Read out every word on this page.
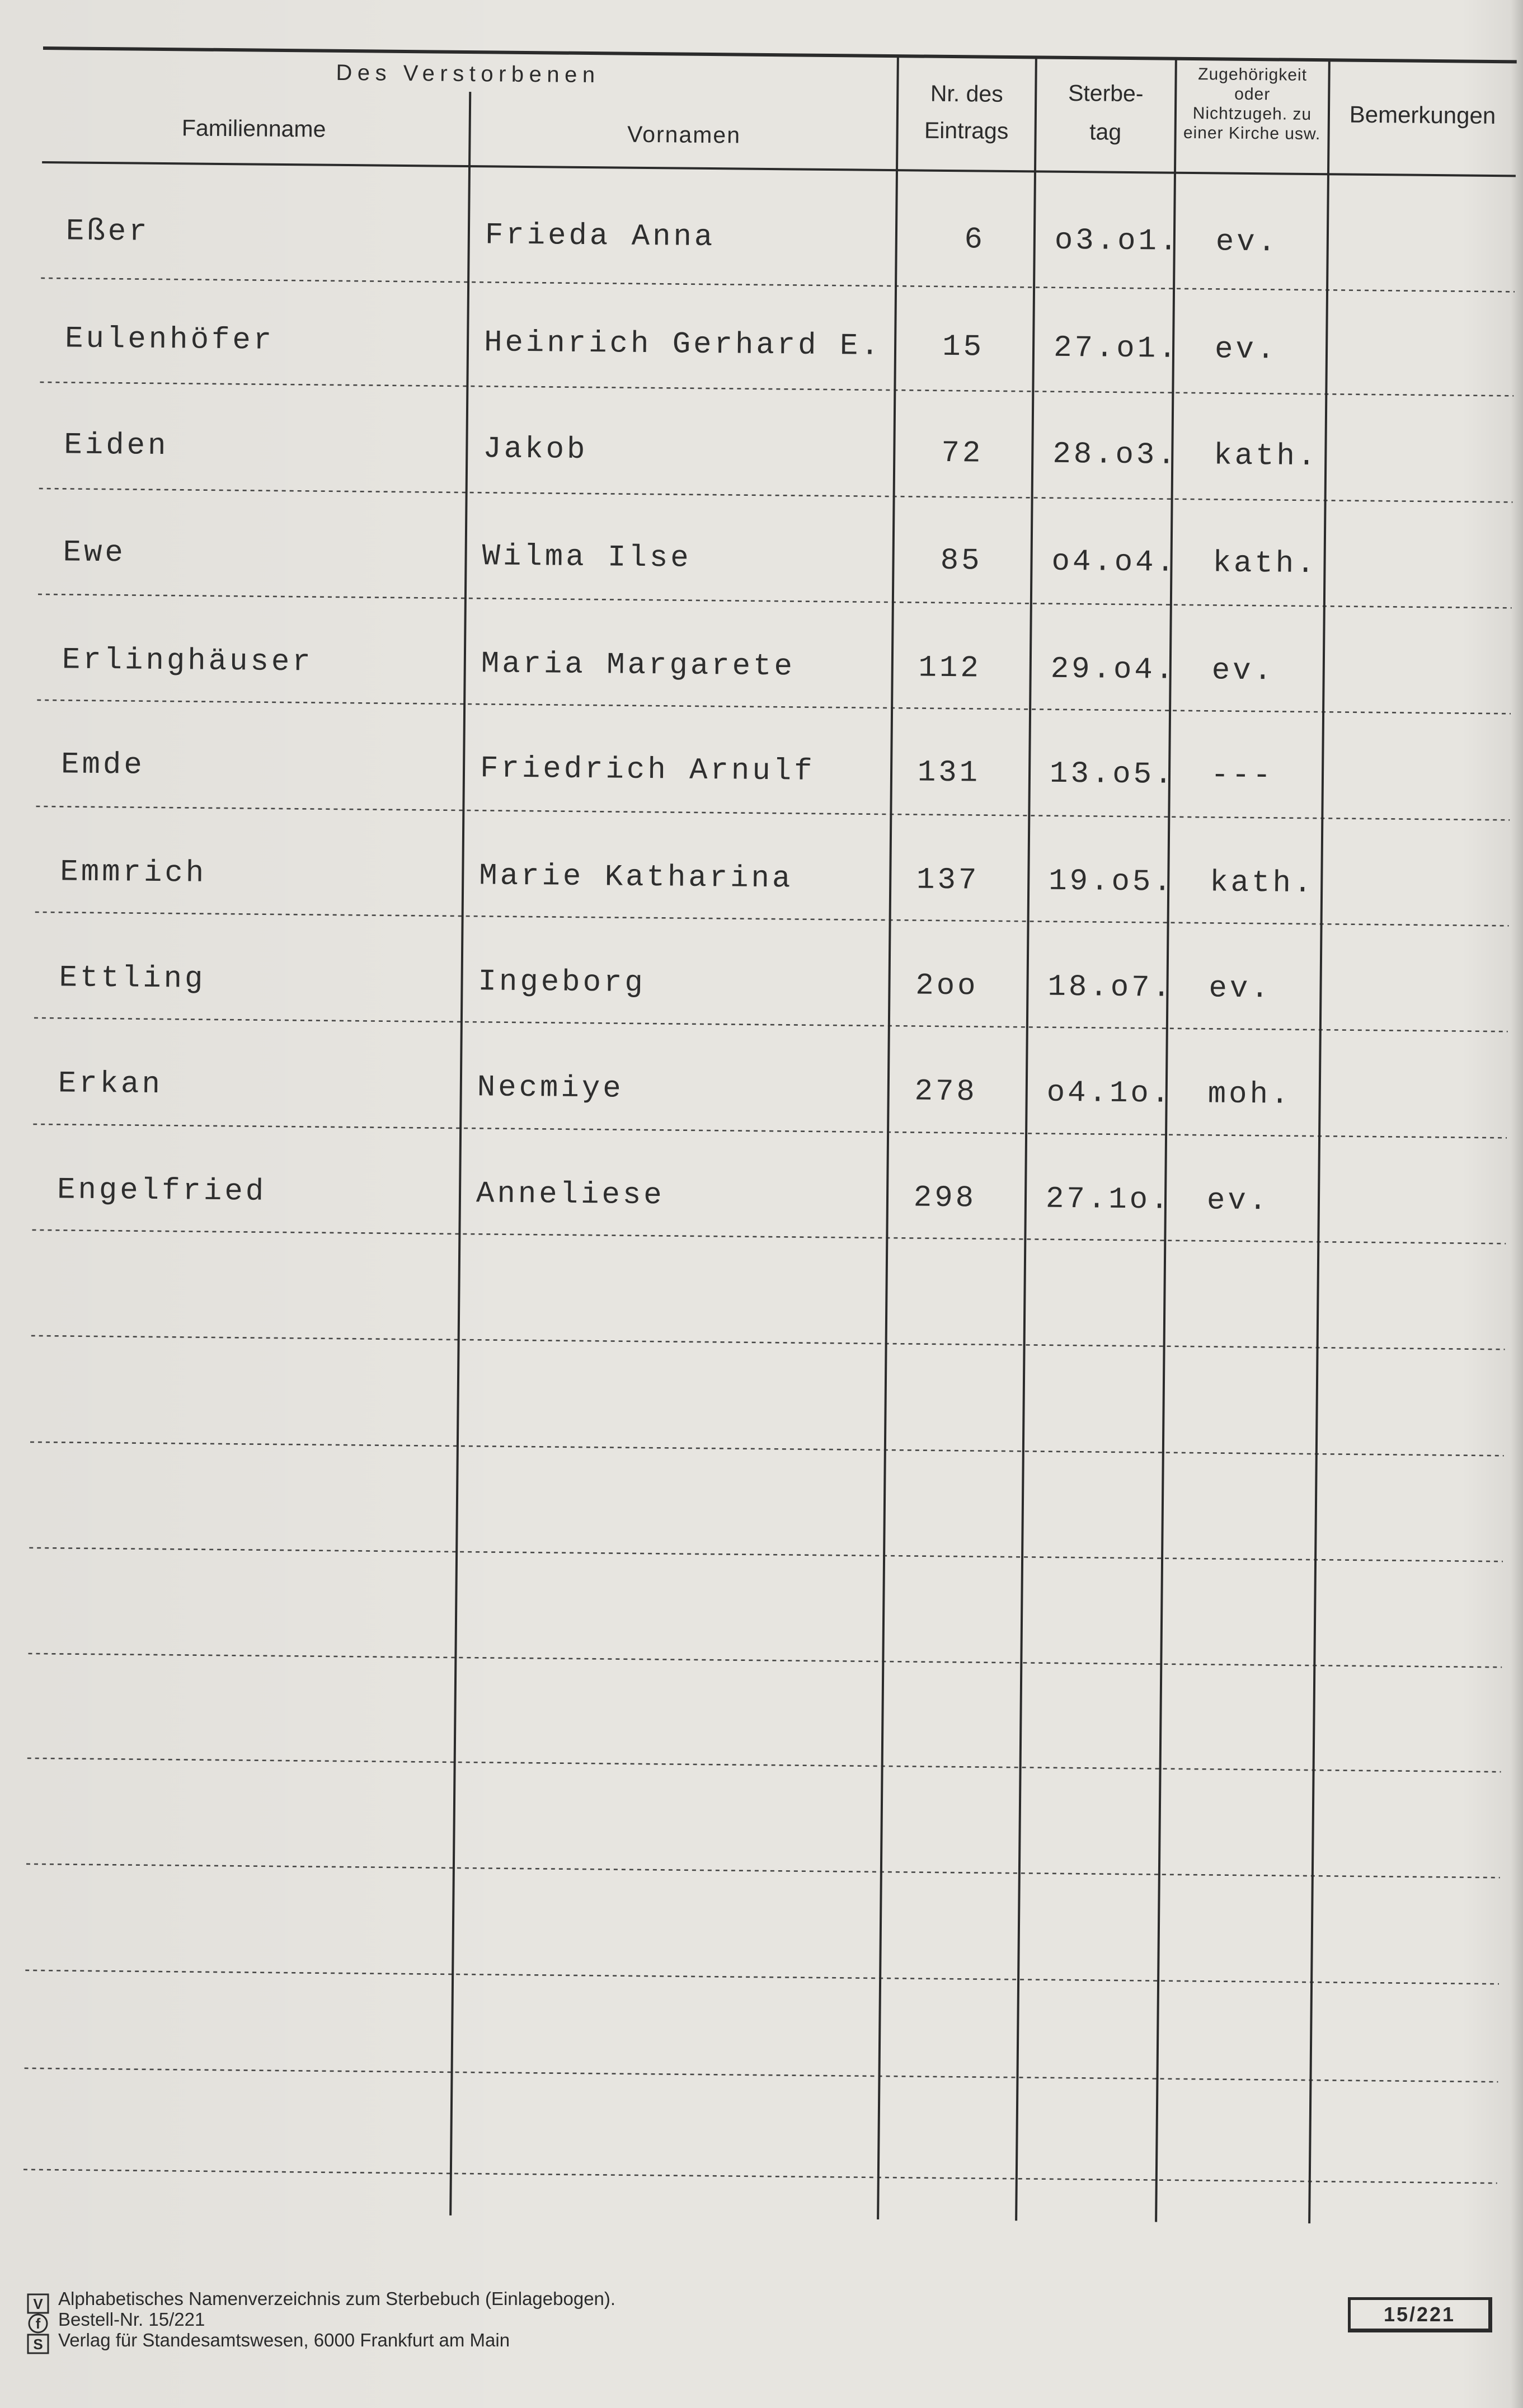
Des Verstorbenen
Familienname	Vornamen
Nr. des
Eintrags
Sterbe-
tag
Zugehörigkeit
oder
Nichtzugeh. zu
einer Kirche usw.
Bemerkungen
Eßer	Frieda Anna	6 o3.o1. ev.
Eulenhöfer	Heinrich Gerhard E.	15 27.o1. ev.
Eiden	Jakob	72 28.o3. kath.
Ewe	Wilma Ilse	85 o4.o4. kath.
Erlinghäuser	Maria Margarete	112 29.o4. ev.
Emde	Friedrich Arnulf	131 13.o5. ---
Emmrich	Marie Katharina	137 19.o5. kath.
Ettling	Ingeborg	2oo 18.o7. ev.
Erkan	Necmiye	278 o4.1o. moh.
Engelfried	Anneliese	298 27.1o. ev.
V
f
S
Alphabetisches Namenverzeichnis zum Sterbebuch (Einlagebogen).
Bestell-Nr. 15/221
Verlag für Standesamtswesen, 6000 Frankfurt am Main
15/221
